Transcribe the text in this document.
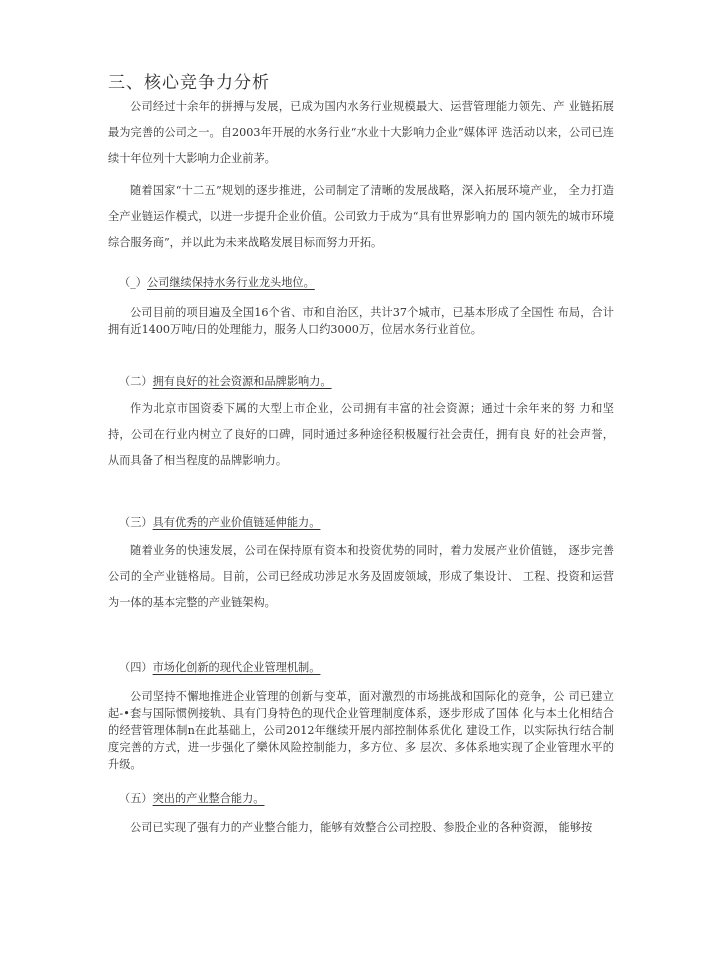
三、核心竞争力分析

公司经过十余年的拼搏与发展，已成为国内水务行业规模最大、运营管理能力领先、产 业链拓展最为完善的公司之一。自2003年开展的水务行业“水业十大影响力企业”媒体评 选活动以来，公司已连续十年位列十大影响力企业前茅。

随着国家“十二五”规划的逐步推进，公司制定了清晰的发展战略，深入拓展环境产业， 全力打造全产业链运作模式，以进一步提升企业价值。公司致力于成为“具有世界影响力的 国内领先的城市环境综合服务商”，并以此为未来战略发展目标而努力开拓。

（_）公司继续保持水务行业龙头地位。

公司目前的项目遍及全国16个省、市和自治区，共计37个城市，已基本形成了全国性 布局，合计拥有近1400万吨/日的处理能力，服务人口约3000万，位居水务行业首位。

（二）拥有良好的社会资源和品牌影响力。

作为北京市国资委下属的大型上市企业，公司拥有丰富的社会资源；通过十余年来的努 力和坚持，公司在行业内树立了良好的口碑，同时通过多种途径积极履行社会责任，拥有良 好的社会声誉，从而具备了相当程度的品牌影响力。

（三）具有优秀的产业价值链延伸能力。

随着业务的快速发展，公司在保持原有资本和投资优势的同时，着力发展产业价值链， 逐步完善公司的全产业链格局。目前，公司已经成功涉足水务及固废领域，形成了集设计、 工程、投资和运营为一体的基本完整的产业链架构。

（四）市场化创新的现代企业管理机制。

公司坚持不懈地推进企业管理的创新与变革，面对激烈的市场挑战和国际化的竞争，公 司已建立起-•套与国际惯例接轨、具有门身特色的现代企业管理制度体系，逐步形成了国体 化与本土化相结合的经营管理体制n在此基础上，公司2012年继续开展内部控制体系优化 建设工作，以实际执行结合制度完善的方式，进一步强化了樂休风险控制能力，多方位、多 层次、多体系地实现了企业管理水平的升级。

（五）突出的产业整合能力。

公司已实现了强有力的产业整合能力，能够有效整合公司控股、参股企业的各种资源， 能够按
